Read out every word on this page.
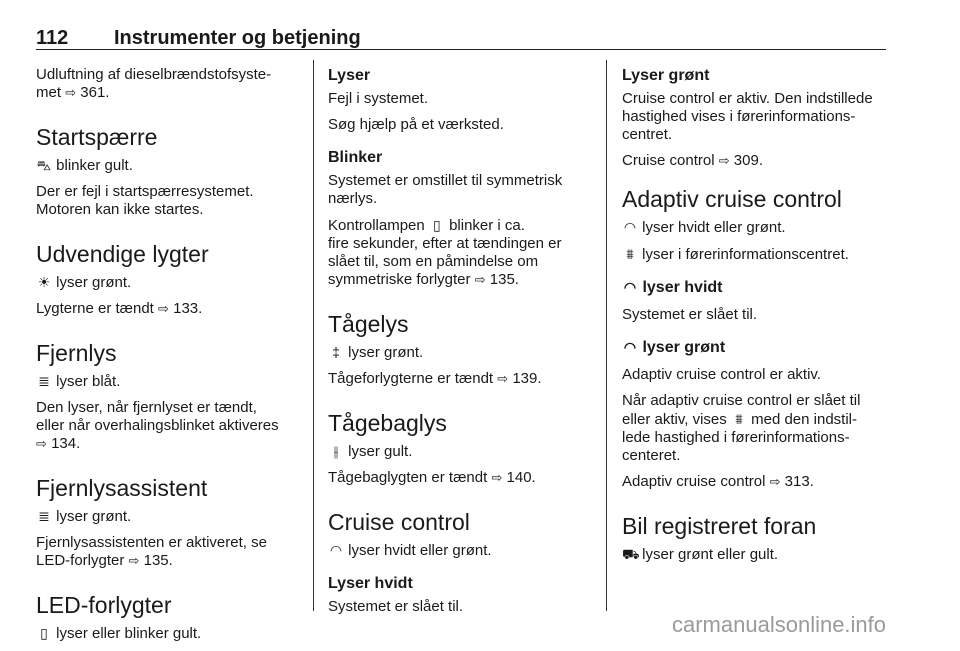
112 Instrumenter og betjening

Udluftning af dieselbrændstofsyste-
met ⇨ 361.

Startspærre

⛍ blinker gult.

Der er fejl i startspærresystemet.
Motoren kan ikke startes.

Udvendige lygter

☀ lyser grønt.

Lygterne er tændt ⇨ 133.

Fjernlys

≣ lyser blåt.

Den lyser, når fjernlyset er tændt,
eller når overhalingsblinket aktiveres
⇨ 134.

Fjernlysassistent

≣ lyser grønt.

Fjernlysassistenten er aktiveret, se
LED-forlygter ⇨ 135.

LED-forlygter

▯ lyser eller blinker gult.

Lyser

Fejl i systemet.

Søg hjælp på et værksted.

Blinker

Systemet er omstillet til symmetrisk
nærlys.

Kontrollampen ▯ blinker i ca.

fire sekunder, efter at tændingen er
slået til, som en påmindelse om
symmetriske forlygter ⇨ 135.

Tågelys

‡ lyser grønt.

Tågeforlygterne er tændt ⇨ 139.

Tågebaglys

⫲ lyser gult.

Tågebaglygten er tændt ⇨ 140.

Cruise control

◠ lyser hvidt eller grønt.

Lyser hvidt

Systemet er slået til.

Lyser grønt

Cruise control er aktiv. Den indstillede
hastighed vises i førerinformations-
centret.

Cruise control ⇨ 309.

Adaptiv cruise control

◠ lyser hvidt eller grønt.

⩩ lyser i førerinformationscentret.

◠ lyser hvidt

Systemet er slået til.

◠ lyser grønt

Adaptiv cruise control er aktiv.

Når adaptiv cruise control er slået til
eller aktiv, vises ⩩ med den indstil-
lede hastighed i førerinformations-
centeret.

Adaptiv cruise control ⇨ 313.

Bil registreret foran

⛟ lyser grønt eller gult.

carmanualsonline.info
